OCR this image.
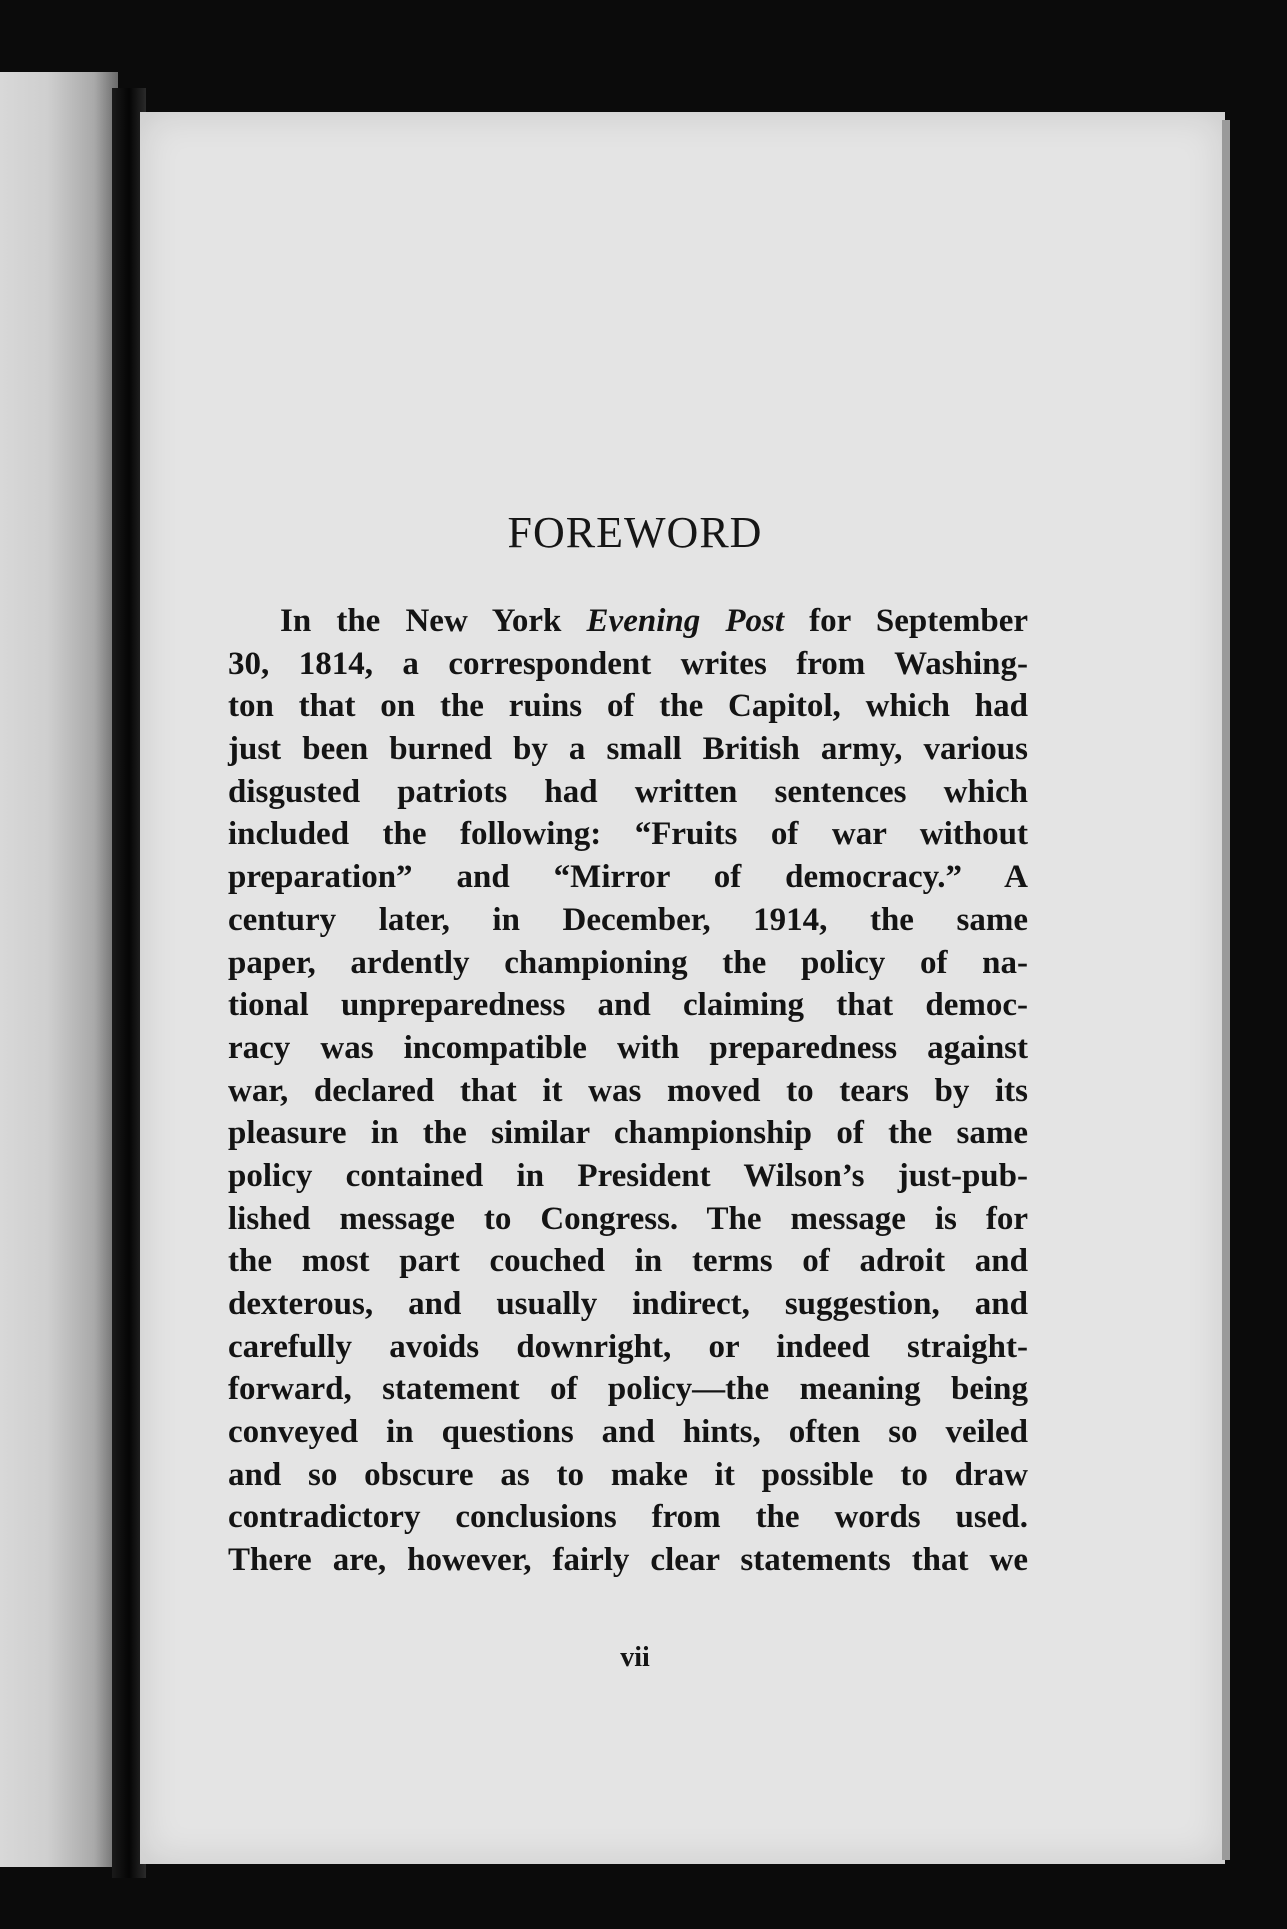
FOREWORD
In the New York Evening Post for September
30, 1814, a correspondent writes from Washing-
ton that on the ruins of the Capitol, which had
just been burned by a small British army, various
disgusted patriots had written sentences which
included the following: “Fruits of war without
preparation” and “Mirror of democracy.” A
century later, in December, 1914, the same
paper, ardently championing the policy of na-
tional unpreparedness and claiming that democ-
racy was incompatible with preparedness against
war, declared that it was moved to tears by its
pleasure in the similar championship of the same
policy contained in President Wilson’s just-pub-
lished message to Congress. The message is for
the most part couched in terms of adroit and
dexterous, and usually indirect, suggestion, and
carefully avoids downright, or indeed straight-
forward, statement of policy—the meaning being
conveyed in questions and hints, often so veiled
and so obscure as to make it possible to draw
contradictory conclusions from the words used.
There are, however, fairly clear statements that we
vii
